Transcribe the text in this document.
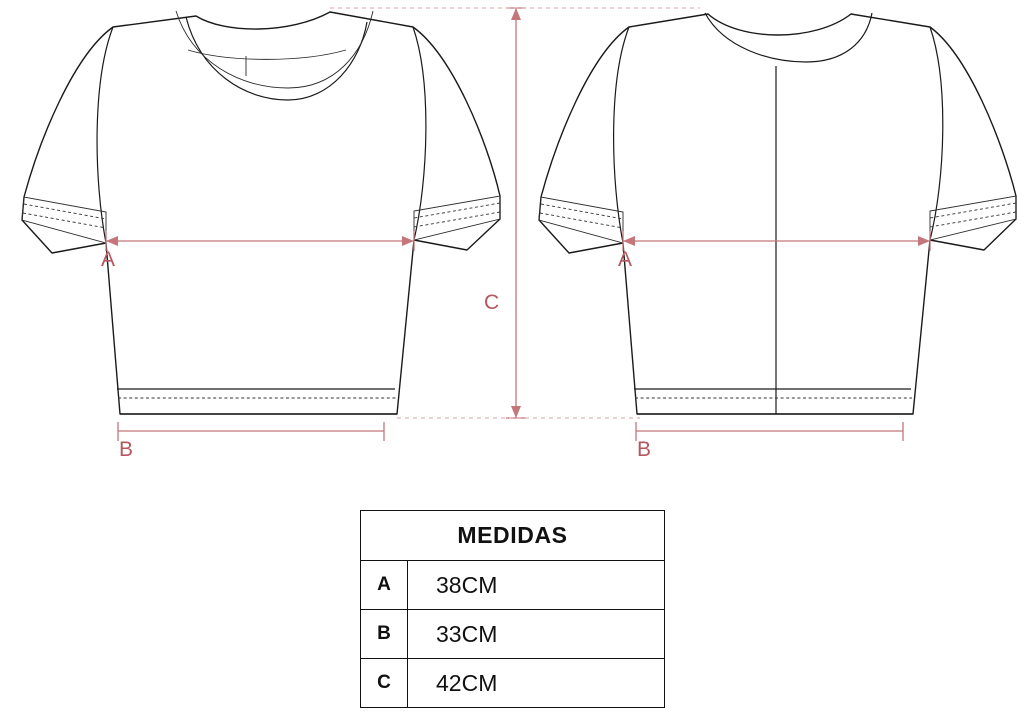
A	A
B	B
C
MEDIDAS	
A	38CM
B	33CM
C	42CM
